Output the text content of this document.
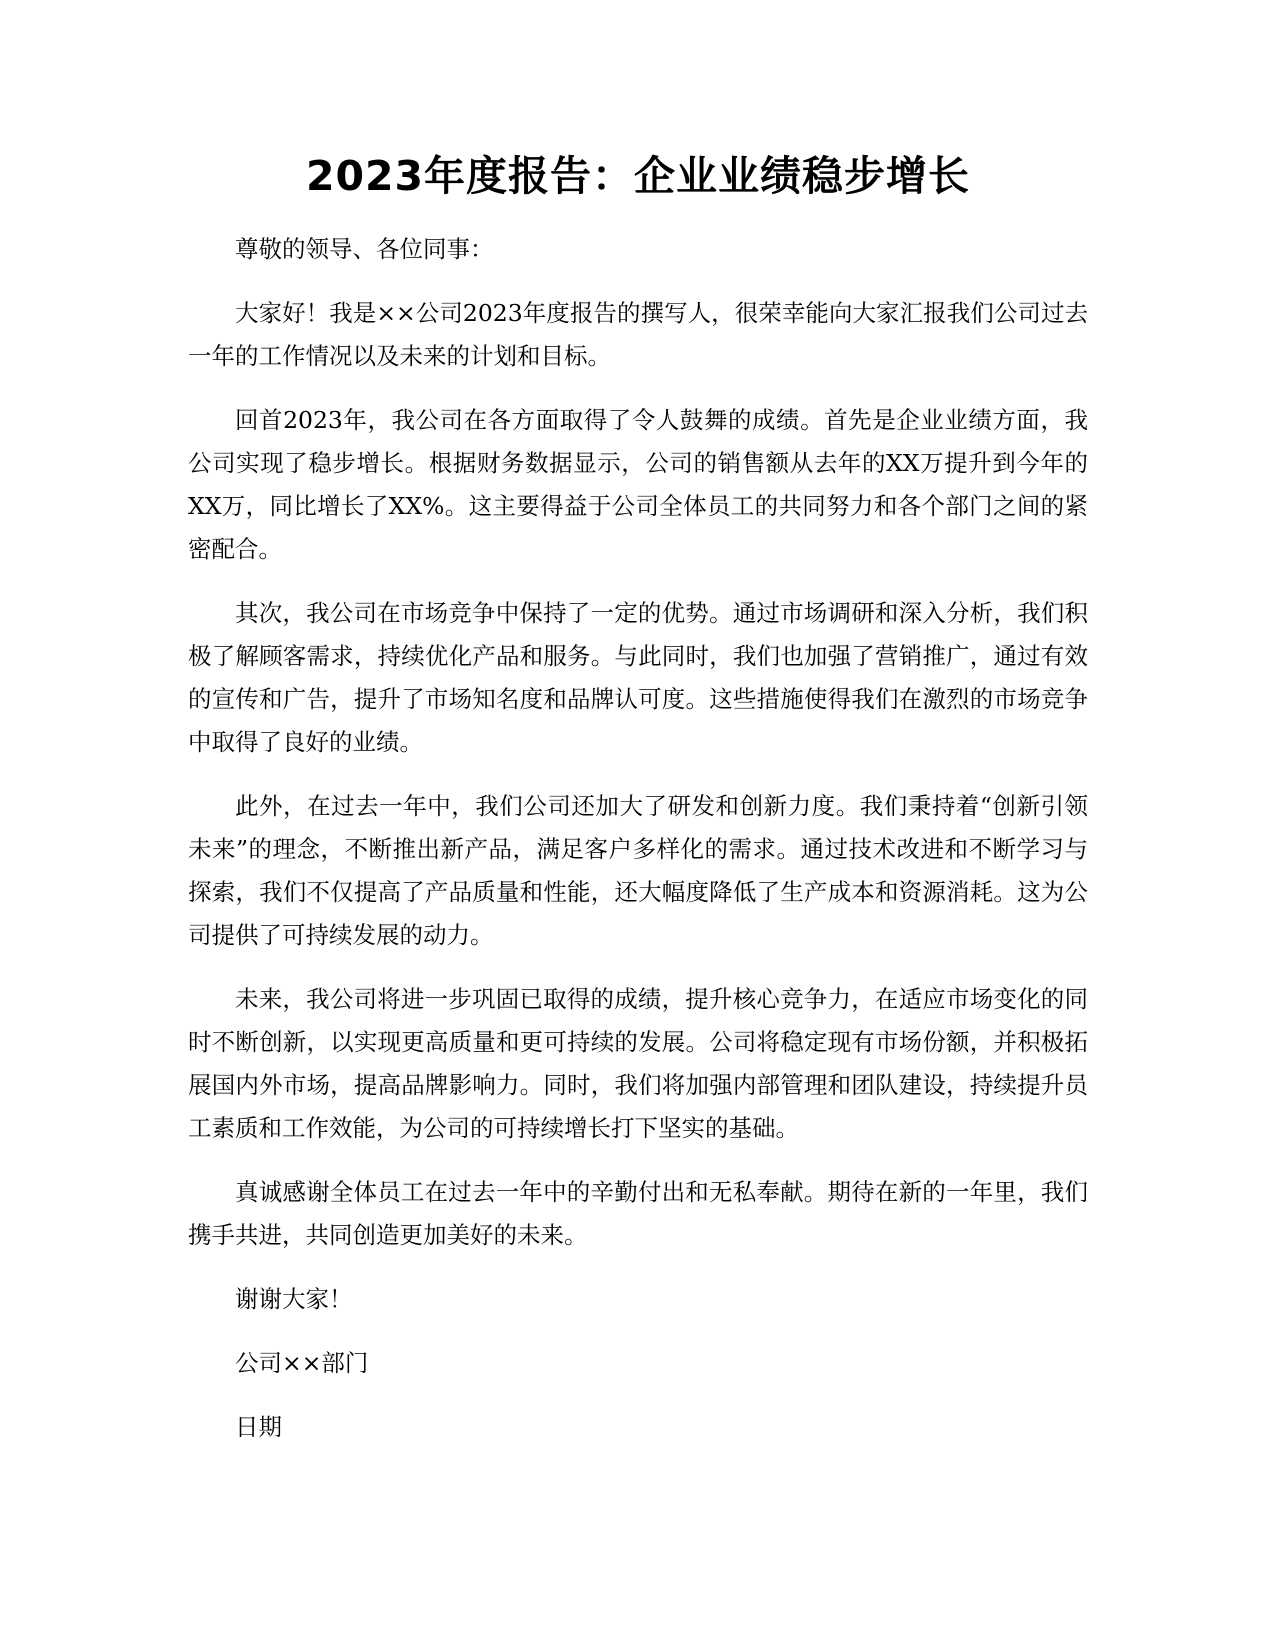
2023年度报告：企业业绩稳步增长

尊敬的领导、各位同事：

大家好！我是××公司2023年度报告的撰写人，很荣幸能向大家汇报我们公司过去一年的工作情况以及未来的计划和目标。

回首2023年，我公司在各方面取得了令人鼓舞的成绩。首先是企业业绩方面，我公司实现了稳步增长。根据财务数据显示，公司的销售额从去年的XX万提升到今年的XX万，同比增长了XX%。这主要得益于公司全体员工的共同努力和各个部门之间的紧密配合。

其次，我公司在市场竞争中保持了一定的优势。通过市场调研和深入分析，我们积极了解顾客需求，持续优化产品和服务。与此同时，我们也加强了营销推广，通过有效的宣传和广告，提升了市场知名度和品牌认可度。这些措施使得我们在激烈的市场竞争中取得了良好的业绩。

此外，在过去一年中，我们公司还加大了研发和创新力度。我们秉持着“创新引领未来”的理念，不断推出新产品，满足客户多样化的需求。通过技术改进和不断学习与探索，我们不仅提高了产品质量和性能，还大幅度降低了生产成本和资源消耗。这为公司提供了可持续发展的动力。

未来，我公司将进一步巩固已取得的成绩，提升核心竞争力，在适应市场变化的同时不断创新，以实现更高质量和更可持续的发展。公司将稳定现有市场份额，并积极拓展国内外市场，提高品牌影响力。同时，我们将加强内部管理和团队建设，持续提升员工素质和工作效能，为公司的可持续增长打下坚实的基础。

真诚感谢全体员工在过去一年中的辛勤付出和无私奉献。期待在新的一年里，我们携手共进，共同创造更加美好的未来。

谢谢大家！

公司××部门

日期
